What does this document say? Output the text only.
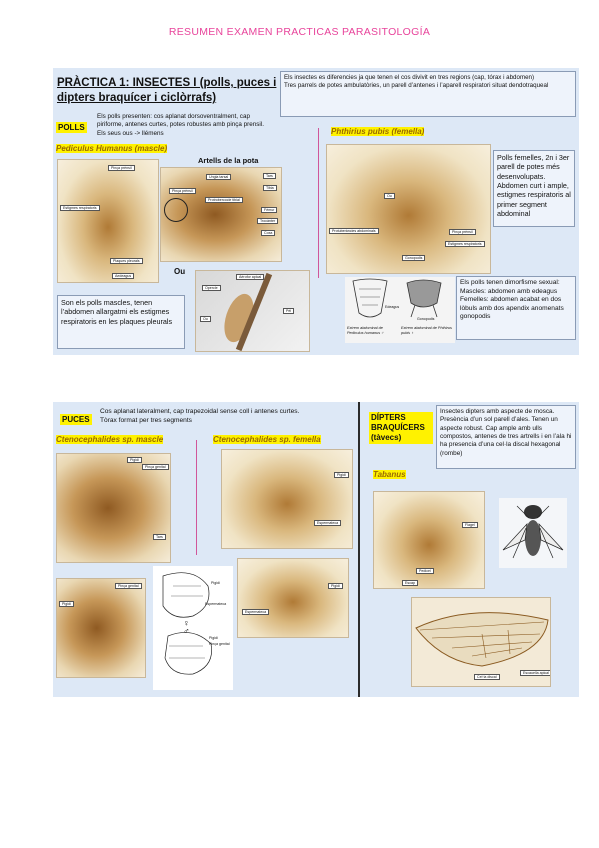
RESUMEN EXAMEN PRACTICAS PARASITOLOGÍA
PRÀCTICA 1: INSECTES I (polls, puces i dipters braquícer i ciclòrrafs)
Els insectes es diferencies ja que tenen el cos divivit en tres regions (cap, tórax i abdomen)
Tres parrels de potes ambulatòries, un parell d’antenes i l’aparell respiratori situat dendotraqueal
POLLS
Els polls presenten: cos aplanat dorsoventralment, cap piriforme, antenes curtes, potes robustes amb pinça prensil. Els seus ous -> llémens
Pediculus Humanus (mascle)
Artells de la pota
Pinça prènsil
Estigmes respiratoris
Plaques pleurals
Aedeagus
Ungla tarsal
Pinça prènsil
Protrobercocle tibial
Tars
Tibia
Fèmur
Trocànter
Coxa
Ou
Aèrofor apical
Opercle
Ou
Pèl
Son els polls mascles, tenen l’abdomen allargatmi els estigmes respiratoris en les plaques pleurals
Phthirius pubis (femella)
Ou
Protuberàncies abdominals	Pinça prènsil
Estigmes respiratoris
Gonopodis
Polls femelles, 2n i 3er parell de potes més desenvolupats. Abdomen curt i ample, estigmes respiratoris al primer segment abdominal
Edeagus
Gonopodis
Extrem abdominal de Pediculus humanus ♂
Extrem abdominal de Phthirus pubis ♀
Els polls tenen dimorfisme sexual:
Mascles: abdomen amb edeagus
Femelles: abdomen acabat en dos lòbuls amb dos apendix anomenats gonopodis
PUCES
Cos aplanat lateralment, cap trapezoidal sense coll i antenes curtes. Tòrax format per tres segments
Ctenocephalides sp. mascle	Ctenocephalides sp. femella
Pigidi
Pinça genital
Tars
Pigidi
Espermateca
Pinça genital
Pigidi
Pigidi
Espermateca
♀
♂
Pigidi
Pinça genital
Pigidi
Espermateca
DÍPTERS BRAQUÍCERS (tàvecs)
Insectes dipters amb aspecte de mosca. Presència d’un sol parell d’ales. Tenen un aspecte robust. Cap ample amb ulls compostos, antenes de tres artrells i en l’ala hi ha presencia d’una cel·la discal hexagonal (rombe)
Tabanus
Flagel
Pedicel
Escap
Cel·la discal
Escauella apical
